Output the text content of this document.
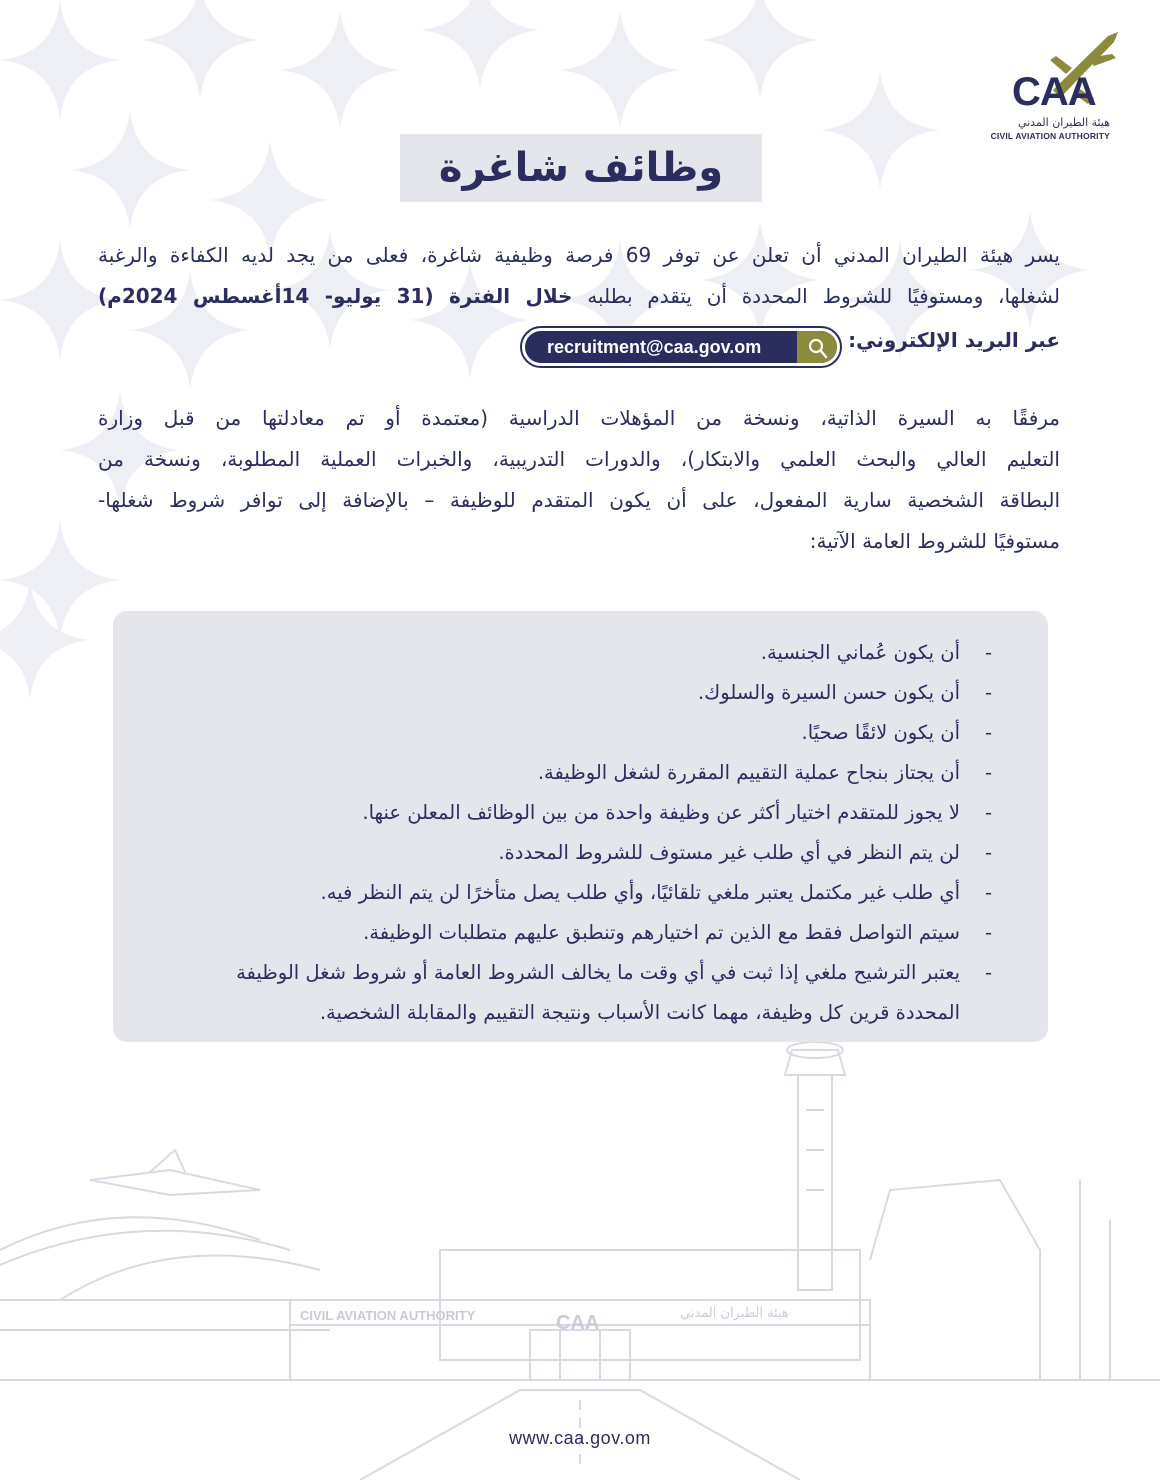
CAA
هيئة الطيران المدني
CIVIL AVIATION AUTHORITY
وظائف شاغرة
يسر هيئة الطيران المدني أن تعلن عن توفر 69 فرصة وظيفية شاغرة، فعلى من يجد لديه الكفاءة والرغبة
لشغلها، ومستوفيًا للشروط المحددة أن يتقدم بطلبه خلال الفترة (31 يوليو- 14أغسطس 2024م)
عبر البريد الإلكتروني:
recruitment@caa.gov.om
مرفقًا به السيرة الذاتية، ونسخة من المؤهلات الدراسية (معتمدة أو تم معادلتها من قبل وزارة
التعليم العالي والبحث العلمي والابتكار)، والدورات التدريبية، والخبرات العملية المطلوبة، ونسخة من
البطاقة الشخصية سارية المفعول، على أن يكون المتقدم للوظيفة – بالإضافة إلى توافر شروط شغلها-
مستوفيًا للشروط العامة الآتية:
- أن يكون عُماني الجنسية.
- أن يكون حسن السيرة والسلوك.
- أن يكون لائقًا صحيًا.
- أن يجتاز بنجاح عملية التقييم المقررة لشغل الوظيفة.
- لا يجوز للمتقدم اختيار أكثر عن وظيفة واحدة من بين الوظائف المعلن عنها.
- لن يتم النظر في أي طلب غير مستوف للشروط المحددة.
- أي طلب غير مكتمل يعتبر ملغي تلقائيًا، وأي طلب يصل متأخرًا لن يتم النظر فيه.
- سيتم التواصل فقط مع الذين تم اختيارهم وتنطبق عليهم متطلبات الوظيفة.
- يعتبر الترشيح ملغي إذا ثبت في أي وقت ما يخالف الشروط العامة أو شروط شغل الوظيفة المحددة قرين كل وظيفة، مهما كانت الأسباب ونتيجة التقييم والمقابلة الشخصية.
CIVIL AVIATION AUTHORITY	CAA	هيئة الطيران المدني
www.caa.gov.om
